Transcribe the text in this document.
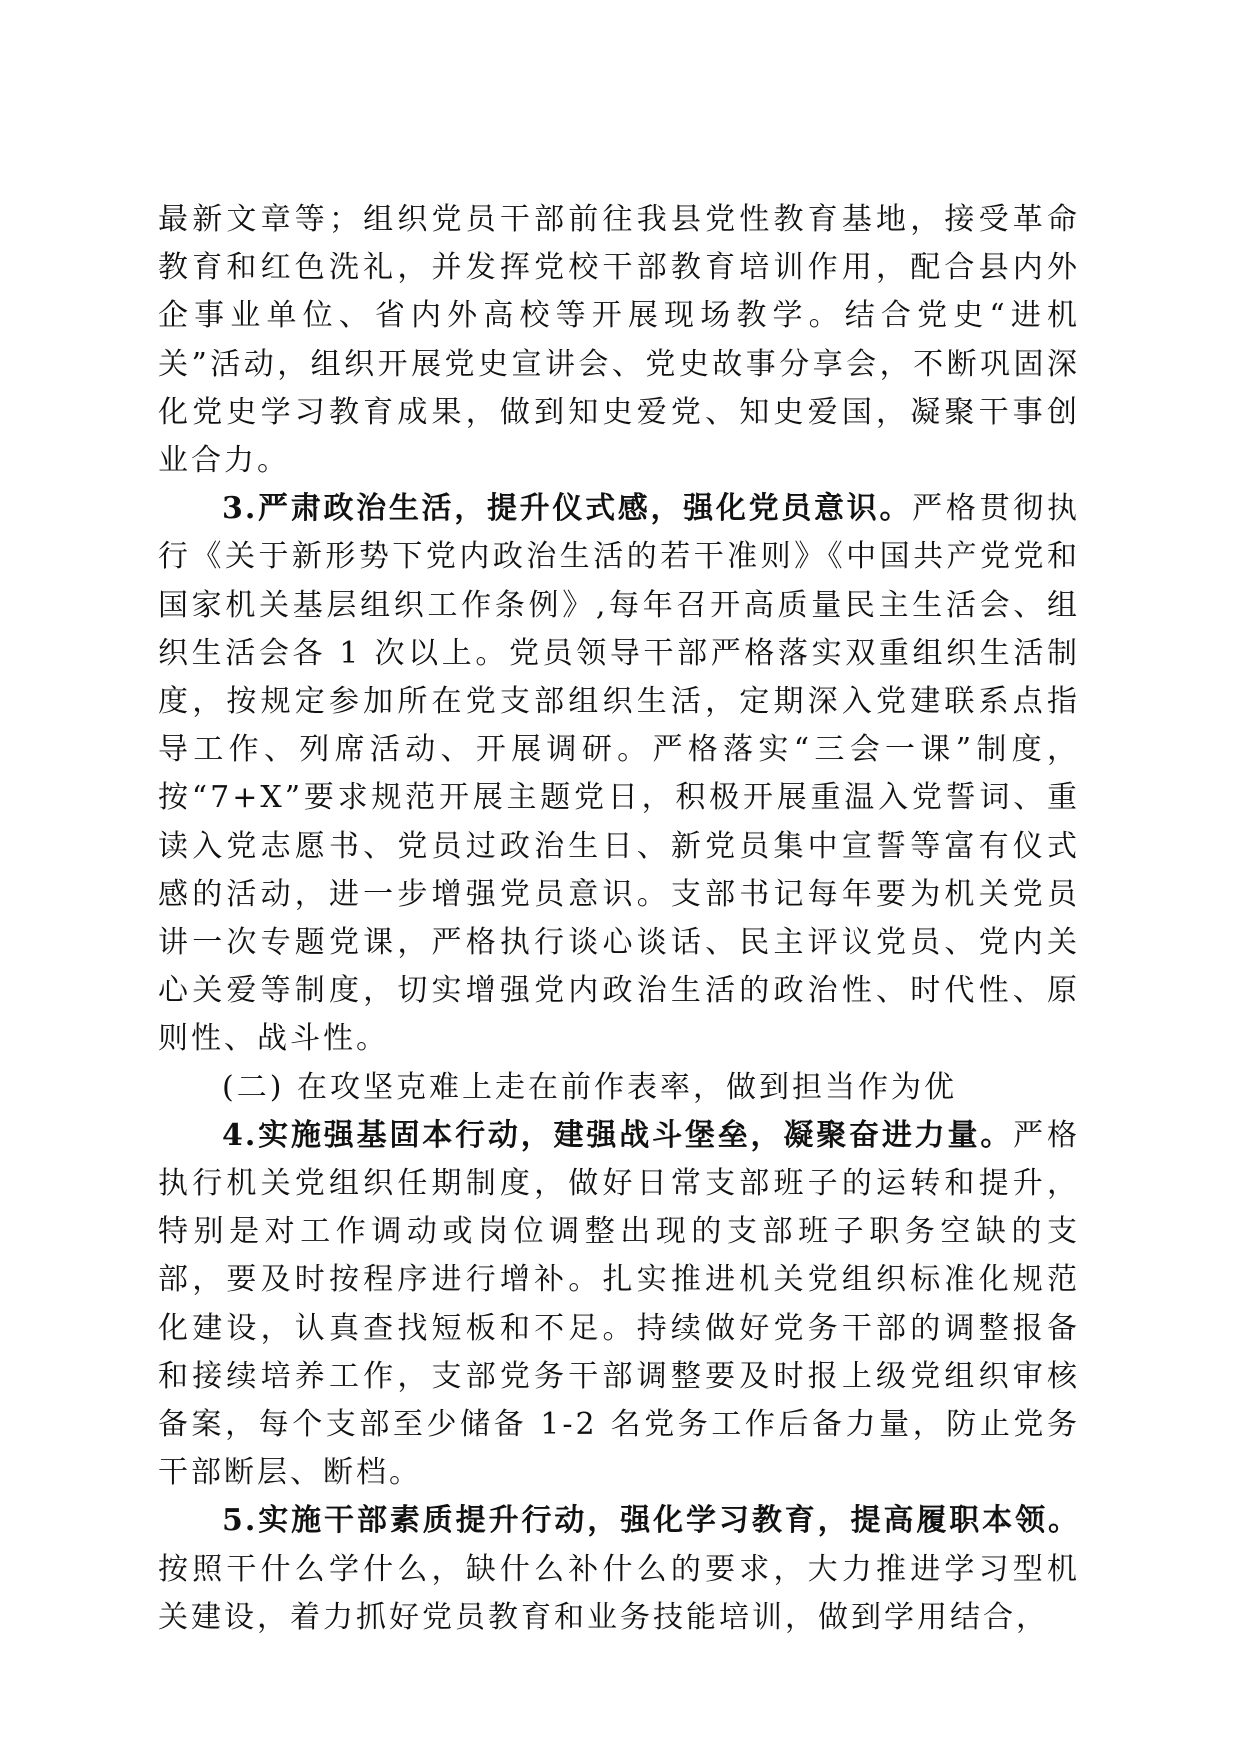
最新文章等；组织党员干部前往我县党性教育基地，接受革命教育和红色洗礼，并发挥党校干部教育培训作用，配合县内外企事业单位、省内外高校等开展现场教学。结合党史“进机关”活动，组织开展党史宣讲会、党史故事分享会，不断巩固深化党史学习教育成果，做到知史爱党、知史爱国，凝聚干事创业合力。

3.严肃政治生活，提升仪式感，强化党员意识。严格贯彻执行《关于新形势下党内政治生活的若干准则》《中国共产党党和国家机关基层组织工作条例》,每年召开高质量民主生活会、组织生活会各 1 次以上。党员领导干部严格落实双重组织生活制度，按规定参加所在党支部组织生活，定期深入党建联系点指导工作、列席活动、开展调研。严格落实“三会一课”制度，按“7+X”要求规范开展主题党日，积极开展重温入党誓词、重读入党志愿书、党员过政治生日、新党员集中宣誓等富有仪式感的活动，进一步增强党员意识。支部书记每年要为机关党员讲一次专题党课，严格执行谈心谈话、民主评议党员、党内关心关爱等制度，切实增强党内政治生活的政治性、时代性、原则性、战斗性。

(二) 在攻坚克难上走在前作表率，做到担当作为优

4.实施强基固本行动，建强战斗堡垒，凝聚奋进力量。严格执行机关党组织任期制度，做好日常支部班子的运转和提升，特别是对工作调动或岗位调整出现的支部班子职务空缺的支部，要及时按程序进行增补。扎实推进机关党组织标准化规范化建设，认真查找短板和不足。持续做好党务干部的调整报备和接续培养工作，支部党务干部调整要及时报上级党组织审核备案，每个支部至少储备 1-2 名党务工作后备力量，防止党务干部断层、断档。

5.实施干部素质提升行动，强化学习教育，提高履职本领。按照干什么学什么，缺什么补什么的要求，大力推进学习型机关建设，着力抓好党员教育和业务技能培训，做到学用结合，
